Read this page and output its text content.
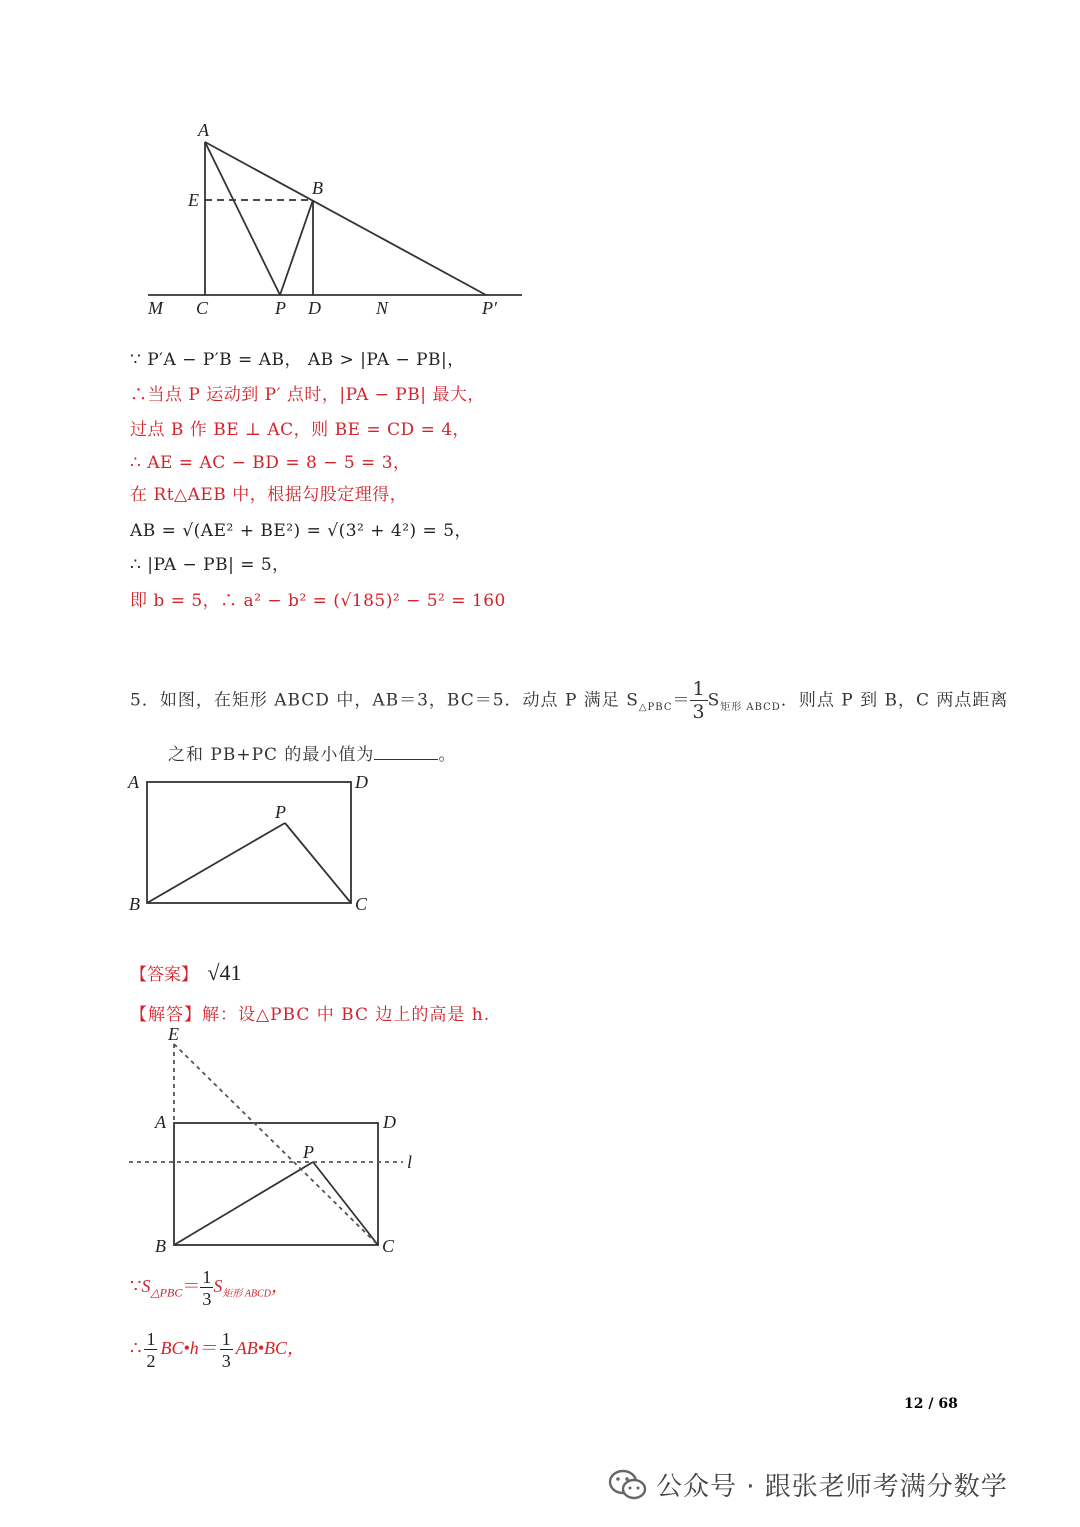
A
E
B
M C	P D	N	P′
∵ P′A − P′B = AB， AB > |PA − PB|，
∴当点 P 运动到 P′ 点时，|PA − PB| 最大，
过点 B 作 BE ⊥ AC，则 BE = CD = 4，
∴ AE = AC − BD = 8 − 5 = 3，
在 Rt△AEB 中，根据勾股定理得，
AB = √(AE² + BE²) = √(3² + 4²) = 5，
∴ |PA − PB| = 5，
即 b = 5，∴ a² − b² = (√185)² − 5² = 160
5．如图，在矩形 ABCD 中，AB＝3，BC＝5．动点 P 满足 $S_{\triangle PBC}= \frac{1}{3} S_{矩形 ABCD}$．则点 P 到 B，C 两点距离
之和 PB+PC 的最小值为	。
A	D
P
B	C
【答案】 √41
【解答】解：设△PBC 中 BC 边上的高是 h.
E
A	D
P	l
B	C
$\because S_{\triangle PBC}= \frac{1}{3} S_{矩形 ABCD}$，
∴ $\frac{1}{2}$ BC•h＝ $\frac{1}{3}$ AB•BC，
12 / 68
公众号 · 跟张老师考满分数学
